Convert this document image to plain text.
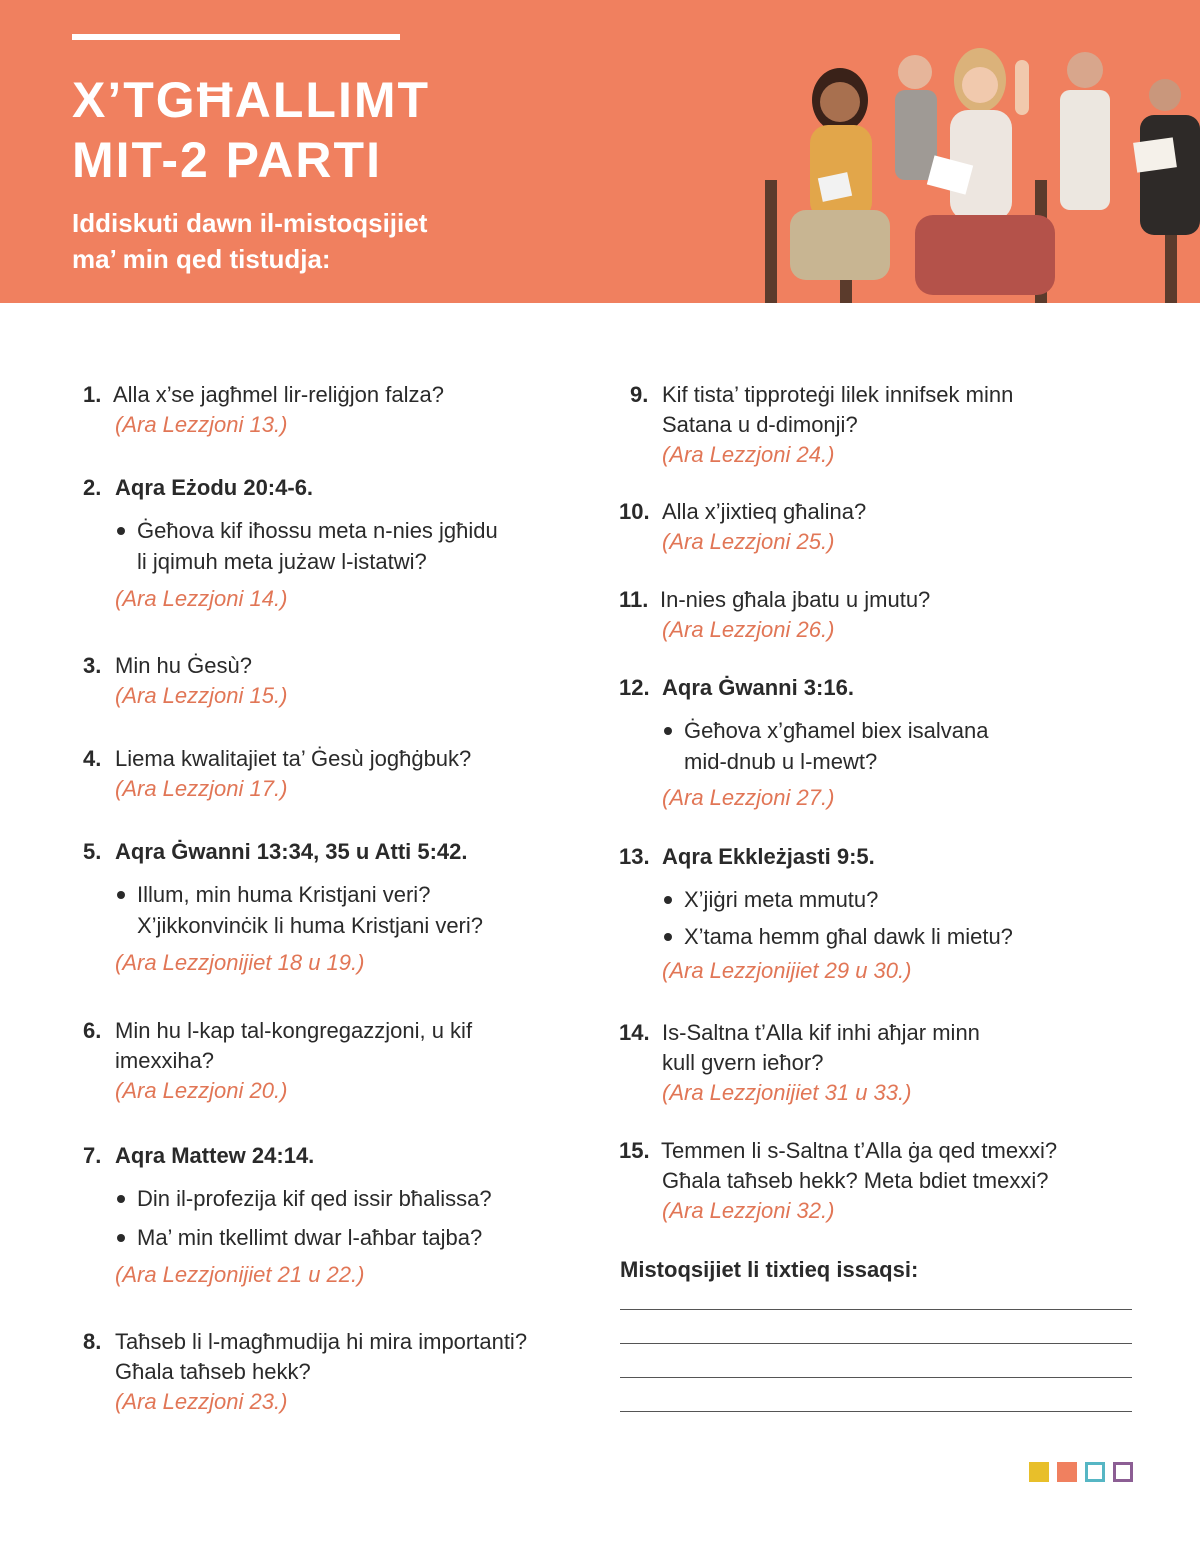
X’TGĦALLIMT
MIT-2 PARTI

Iddiskuti dawn il-mistoqsijiet
ma’ min qed tistudja:

1. Alla x’se jagħmel lir-reliġjon falza?
(Ara Lezzjoni 13.)
2. Aqra Eżodu 20:4-6.
Ġeħova kif iħossu meta n-nies jgħidu
li jqimuh meta jużaw l-istatwi?
(Ara Lezzjoni 14.)
3. Min hu Ġesù?
(Ara Lezzjoni 15.)
4. Liema kwalitajiet ta’ Ġesù jogħġbuk?
(Ara Lezzjoni 17.)
5. Aqra Ġwanni 13:34, 35 u Atti 5:42.
Illum, min huma Kristjani veri?
X’jikkonvinċik li huma Kristjani veri?
(Ara Lezzjonijiet 18 u 19.)
6. Min hu l-kap tal-kongregazzjoni, u kif
imexxiha?
(Ara Lezzjoni 20.)
7. Aqra Mattew 24:14.
Din il-profezija kif qed issir bħalissa?
Ma’ min tkellimt dwar l-aħbar tajba?
(Ara Lezzjonijiet 21 u 22.)
8. Taħseb li l-magħmudija hi mira importanti?
Għala taħseb hekk?
(Ara Lezzjoni 23.)
9. Kif tista’ tipproteġi lilek innifsek minn
Satana u d-dimonji?
(Ara Lezzjoni 24.)
10. Alla x’jixtieq għalina?
(Ara Lezzjoni 25.)
11. In-nies għala jbatu u jmutu?
(Ara Lezzjoni 26.)
12. Aqra Ġwanni 3:16.
Ġeħova x’għamel biex isalvana
mid-dnub u l-mewt?
(Ara Lezzjoni 27.)
13. Aqra Ekkleżjasti 9:5.
X’jiġri meta mmutu?
X’tama hemm għal dawk li mietu?
(Ara Lezzjonijiet 29 u 30.)
14. Is-Saltna t’Alla kif inhi aħjar minn
kull gvern ieħor?
(Ara Lezzjonijiet 31 u 33.)
15. Temmen li s-Saltna t’Alla ġa qed tmexxi?
Għala taħseb hekk? Meta bdiet tmexxi?
(Ara Lezzjoni 32.)
Mistoqsijiet li tixtieq issaqsi:
